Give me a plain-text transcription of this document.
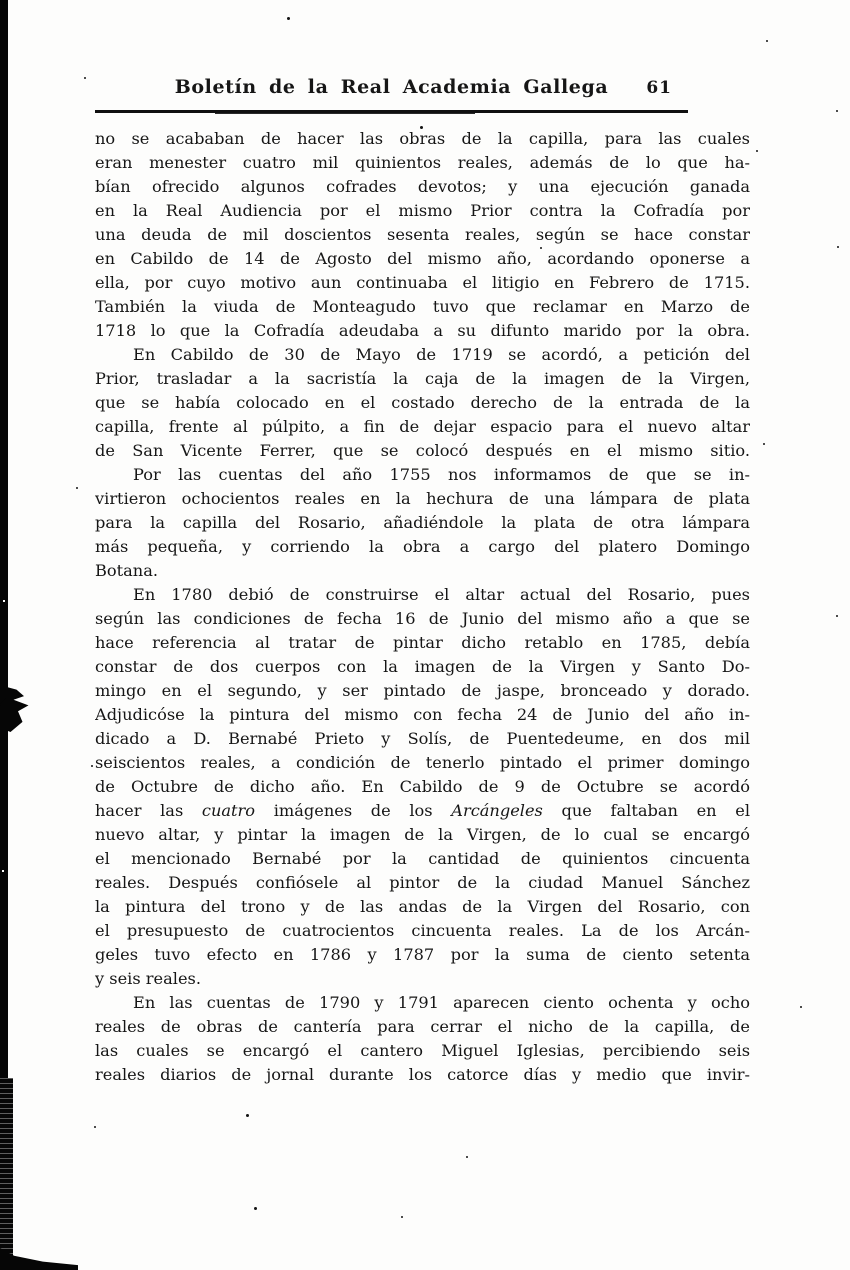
Boletín de la Real Academia Gallega	61
no se acababan de hacer las obras de la capilla, para las cuales
eran menester cuatro mil quinientos reales, además de lo que ha-
bían ofrecido algunos cofrades devotos; y una ejecución ganada
en la Real Audiencia por el mismo Prior contra la Cofradía por
una deuda de mil doscientos sesenta reales, según se hace constar
en Cabildo de 14 de Agosto del mismo año, acordando oponerse a
ella, por cuyo motivo aun continuaba el litigio en Febrero de 1715.
También la viuda de Monteagudo tuvo que reclamar en Marzo de
1718 lo que la Cofradía adeudaba a su difunto marido por la obra.
En Cabildo de 30 de Mayo de 1719 se acordó, a petición del
Prior, trasladar a la sacristía la caja de la imagen de la Virgen,
que se había colocado en el costado derecho de la entrada de la
capilla, frente al púlpito, a fin de dejar espacio para el nuevo altar
de San Vicente Ferrer, que se colocó después en el mismo sitio.
Por las cuentas del año 1755 nos informamos de que se in-
virtieron ochocientos reales en la hechura de una lámpara de plata
para la capilla del Rosario, añadiéndole la plata de otra lámpara
más pequeña, y corriendo la obra a cargo del platero Domingo
Botana.
En 1780 debió de construirse el altar actual del Rosario, pues
según las condiciones de fecha 16 de Junio del mismo año a que se
hace referencia al tratar de pintar dicho retablo en 1785, debía
constar de dos cuerpos con la imagen de la Virgen y Santo Do-
mingo en el segundo, y ser pintado de jaspe, bronceado y dorado.
Adjudicóse la pintura del mismo con fecha 24 de Junio del año in-
dicado a D. Bernabé Prieto y Solís, de Puentedeume, en dos mil
seiscientos reales, a condición de tenerlo pintado el primer domingo
de Octubre de dicho año. En Cabildo de 9 de Octubre se acordó
hacer las cuatro imágenes de los Arcángeles que faltaban en el
nuevo altar, y pintar la imagen de la Virgen, de lo cual se encargó
el mencionado Bernabé por la cantidad de quinientos cincuenta
reales. Después confiósele al pintor de la ciudad Manuel Sánchez
la pintura del trono y de las andas de la Virgen del Rosario, con
el presupuesto de cuatrocientos cincuenta reales. La de los Arcán-
geles tuvo efecto en 1786 y 1787 por la suma de ciento setenta
y seis reales.
En las cuentas de 1790 y 1791 aparecen ciento ochenta y ocho
reales de obras de cantería para cerrar el nicho de la capilla, de
las cuales se encargó el cantero Miguel Iglesias, percibiendo seis
reales diarios de jornal durante los catorce días y medio que invir-
